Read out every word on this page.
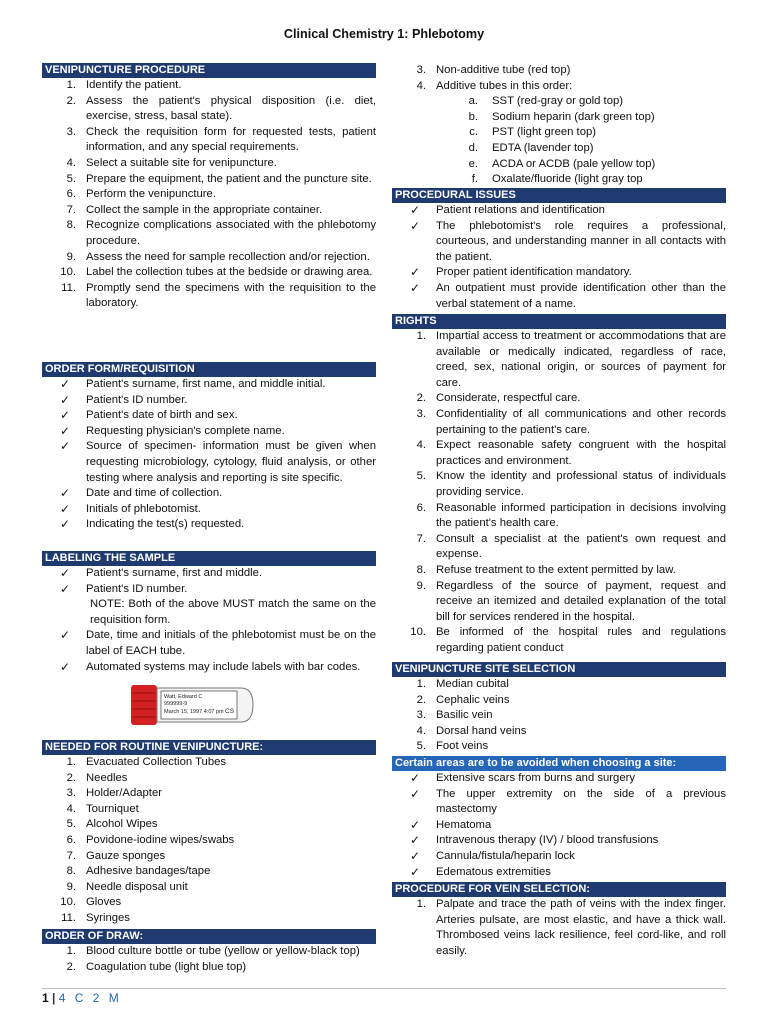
Clinical Chemistry 1: Phlebotomy
VENIPUNCTURE PROCEDURE
1. Identify the patient.
2. Assess the patient's physical disposition (i.e. diet, exercise, stress, basal state).
3. Check the requisition form for requested tests, patient information, and any special requirements.
4. Select a suitable site for venipuncture.
5. Prepare the equipment, the patient and the puncture site.
6. Perform the venipuncture.
7. Collect the sample in the appropriate container.
8. Recognize complications associated with the phlebotomy procedure.
9. Assess the need for sample recollection and/or rejection.
10. Label the collection tubes at the bedside or drawing area.
11. Promptly send the specimens with the requisition to the laboratory.
ORDER FORM/REQUISITION
✓	Patient's surname, first name, and middle initial.
✓	Patient's ID number.
✓	Patient's date of birth and sex.
✓	Requesting physician's complete name.
✓	Source of specimen- information must be given when requesting microbiology, cytology, fluid analysis, or other testing where analysis and reporting is site specific.
✓	Date and time of collection.
✓	Initials of phlebotomist.
✓	Indicating the test(s) requested.
LABELING THE SAMPLE
✓	Patient's surname, first and middle.
✓	Patient's ID number.
NOTE: Both of the above MUST match the same on the requisition form.
✓	Date, time and initials of the phlebotomist must be on the label of EACH tube.
✓	Automated systems may include labels with bar codes.
NEEDED FOR ROUTINE VENIPUNCTURE:
1. Evacuated Collection Tubes
2. Needles
3. Holder/Adapter
4. Tourniquet
5. Alcohol Wipes
6. Povidone-iodine wipes/swabs
7. Gauze sponges
8. Adhesive bandages/tape
9. Needle disposal unit
10. Gloves
11. Syringes
ORDER OF DRAW:
1. Blood culture bottle or tube (yellow or yellow-black top)
2. Coagulation tube (light blue top)
Watt, Edward C
999999-9
March 15, 1997 4:07 pm CS
3. Non-additive tube (red top)
4. Additive tubes in this order:
a.	SST (red-gray or gold top)
b.	Sodium heparin (dark green top)
c.	PST (light green top)
d.	EDTA (lavender top)
e.	ACDA or ACDB (pale yellow top)
f.	Oxalate/fluoride (light gray top
PROCEDURAL ISSUES
✓	Patient relations and identification
✓	The phlebotomist's role requires a professional, courteous, and understanding manner in all contacts with the patient.
✓	Proper patient identification mandatory.
✓	An outpatient must provide identification other than the verbal statement of a name.
RIGHTS
1. Impartial access to treatment or accommodations that are available or medically indicated, regardless of race, creed, sex, national origin, or sources of payment for care.
2. Considerate, respectful care.
3. Confidentiality of all communications and other records pertaining to the patient's care.
4. Expect reasonable safety congruent with the hospital practices and environment.
5. Know the identity and professional status of individuals providing service.
6. Reasonable informed participation in decisions involving the patient's health care.
7. Consult a specialist at the patient's own request and expense.
8. Refuse treatment to the extent permitted by law.
9. Regardless of the source of payment, request and receive an itemized and detailed explanation of the total bill for services rendered in the hospital.
10. Be informed of the hospital rules and regulations regarding patient conduct
VENIPUNCTURE SITE SELECTION
1. Median cubital
2. Cephalic veins
3. Basilic vein
4. Dorsal hand veins
5. Foot veins
Certain areas are to be avoided when choosing a site:
✓	Extensive scars from burns and surgery
✓	The upper extremity on the side of a previous mastectomy
✓	Hematoma
✓	Intravenous therapy (IV) / blood transfusions
✓	Cannula/fistula/heparin lock
✓	Edematous extremities
PROCEDURE FOR VEIN SELECTION:
1. Palpate and trace the path of veins with the index finger. Arteries pulsate, are most elastic, and have a thick wall. Thrombosed veins lack resilience, feel cord-like, and roll easily.
1 | 4 C 2 M
